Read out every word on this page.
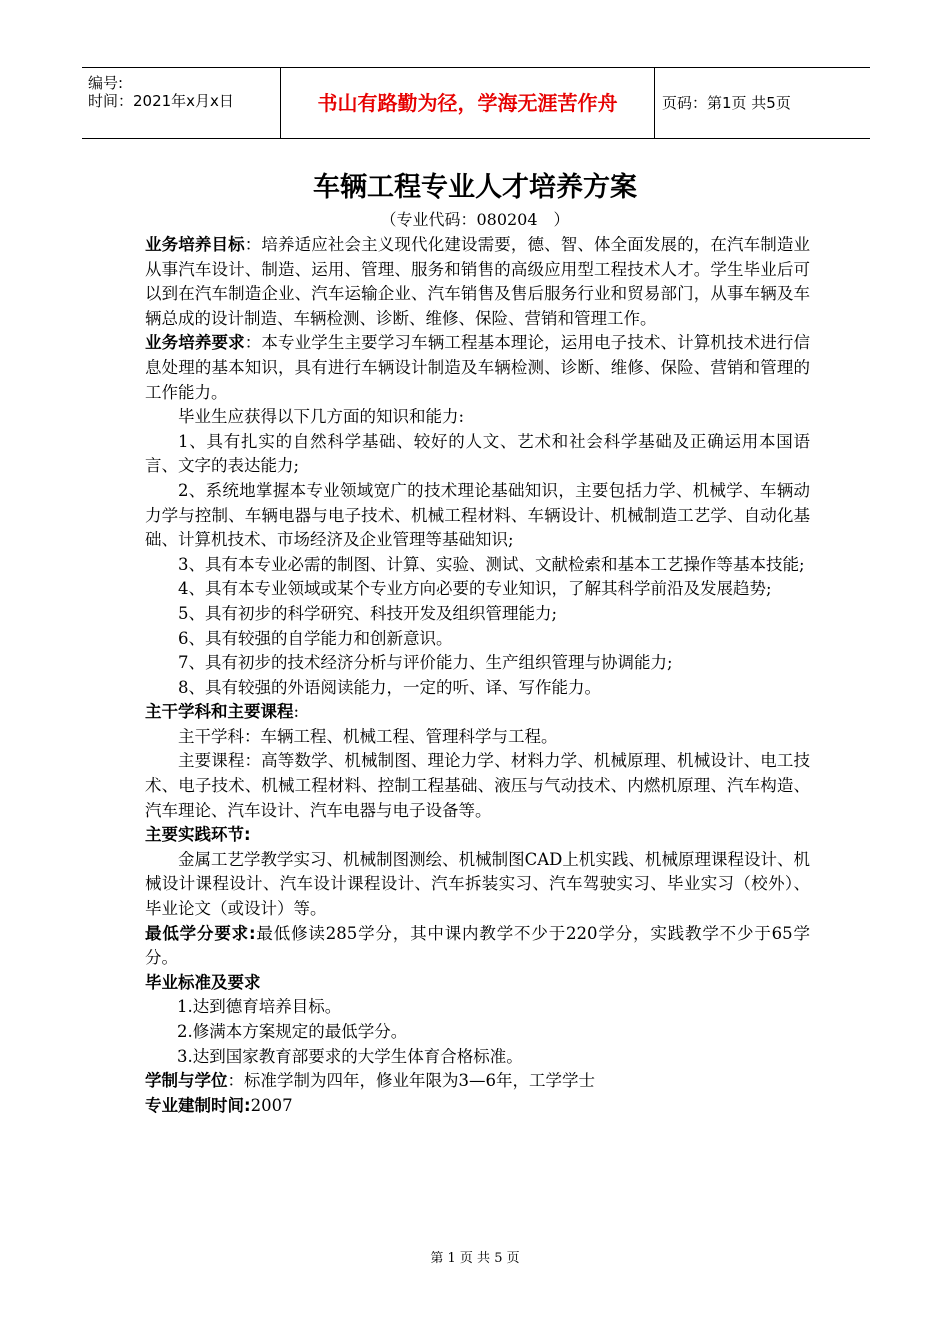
编号:
时间：2021年x月x日	书山有路勤为径，学海无涯苦作舟	页码：第1页 共5页
车辆工程专业人才培养方案
（专业代码：080204　）

业务培养目标：培养适应社会主义现代化建设需要，德、智、体全面发展的，在汽车制造业从事汽车设计、制造、运用、管理、服务和销售的高级应用型工程技术人才。学生毕业后可以到在汽车制造企业、汽车运输企业、汽车销售及售后服务行业和贸易部门，从事车辆及车辆总成的设计制造、车辆检测、诊断、维修、保险、营销和管理工作。

业务培养要求：本专业学生主要学习车辆工程基本理论，运用电子技术、计算机技术进行信息处理的基本知识，具有进行车辆设计制造及车辆检测、诊断、维修、保险、营销和管理的工作能力。

毕业生应获得以下几方面的知识和能力:

1、具有扎实的自然科学基础、较好的人文、艺术和社会科学基础及正确运用本国语言、文字的表达能力;

2、系统地掌握本专业领域宽广的技术理论基础知识，主要包括力学、机械学、车辆动力学与控制、车辆电器与电子技术、机械工程材料、车辆设计、机械制造工艺学、自动化基础、计算机技术、市场经济及企业管理等基础知识;

3、具有本专业必需的制图、计算、实验、测试、文献检索和基本工艺操作等基本技能;

4、具有本专业领域或某个专业方向必要的专业知识，了解其科学前沿及发展趋势;

5、具有初步的科学研究、科技开发及组织管理能力;

6、具有较强的自学能力和创新意识。

7、具有初步的技术经济分析与评价能力、生产组织管理与协调能力;

8、具有较强的外语阅读能力，一定的听、译、写作能力。

主干学科和主要课程:

主干学科：车辆工程、机械工程、管理科学与工程。

主要课程：高等数学、机械制图、理论力学、材料力学、机械原理、机械设计、电工技术、电子技术、机械工程材料、控制工程基础、液压与气动技术、内燃机原理、汽车构造、汽车理论、汽车设计、汽车电器与电子设备等。

主要实践环节:

金属工艺学教学实习、机械制图测绘、机械制图CAD上机实践、机械原理课程设计、机械设计课程设计、汽车设计课程设计、汽车拆装实习、汽车驾驶实习、毕业实习（校外）、毕业论文（或设计）等。

最低学分要求:最低修读285学分，其中课内教学不少于220学分，实践教学不少于65学分。

毕业标准及要求

1.达到德育培养目标。

2.修满本方案规定的最低学分。

3.达到国家教育部要求的大学生体育合格标准。

学制与学位：标准学制为四年，修业年限为3—6年，工学学士

专业建制时间:2007

第 1 页 共 5 页
